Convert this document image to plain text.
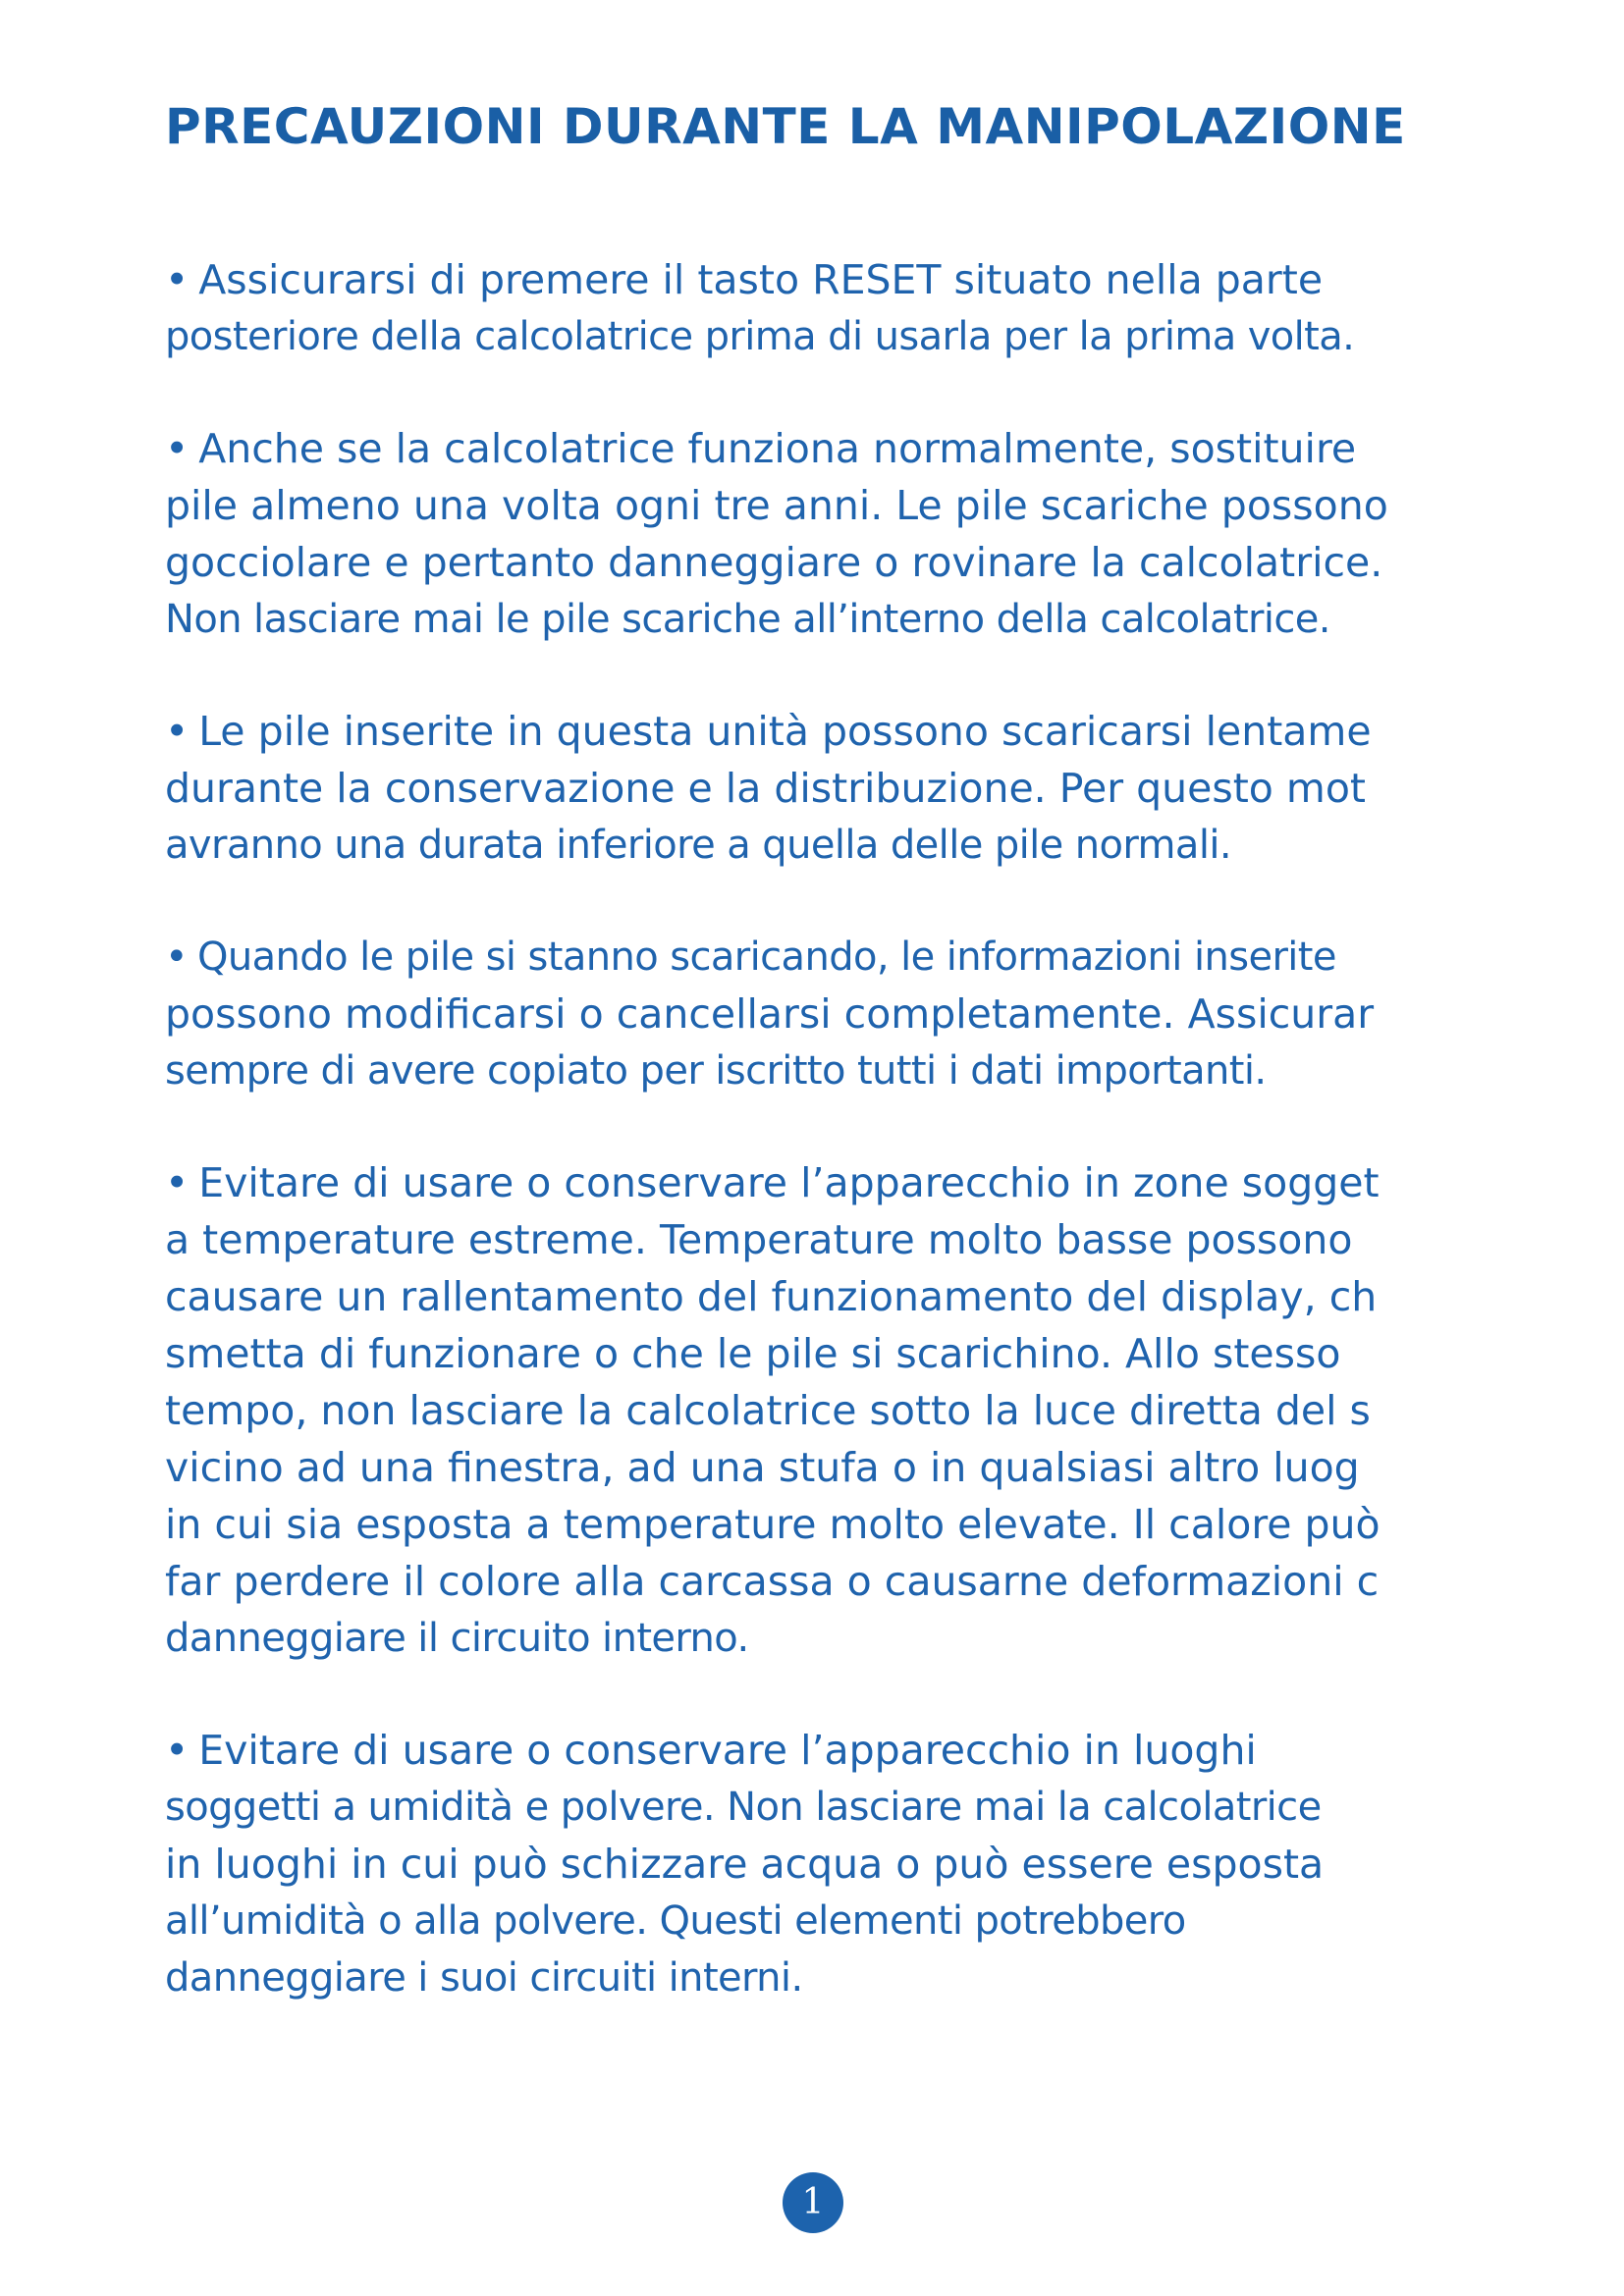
PRECAUZIONI DURANTE LA MANIPOLAZIONE
• Assicurarsi di premere il tasto RESET situato nella parte
posteriore della calcolatrice prima di usarla per la prima volta.
• Anche se la calcolatrice funziona normalmente, sostituire
pile almeno una volta ogni tre anni. Le pile scariche possono
gocciolare e pertanto danneggiare o rovinare la calcolatrice.
Non lasciare mai le pile scariche all’interno della calcolatrice.
• Le pile inserite in questa unità possono scaricarsi lentame
durante la conservazione e la distribuzione. Per questo mot
avranno una durata inferiore a quella delle pile normali.
• Quando le pile si stanno scaricando, le informazioni inserite
possono modificarsi o cancellarsi completamente. Assicurar
sempre di avere copiato per iscritto tutti i dati importanti.
• Evitare di usare o conservare l’apparecchio in zone sogget
a temperature estreme. Temperature molto basse possono
causare un rallentamento del funzionamento del display, ch
smetta di funzionare o che le pile si scarichino. Allo stesso
tempo, non lasciare la calcolatrice sotto la luce diretta del s
vicino ad una finestra, ad una stufa o in qualsiasi altro luog
in cui sia esposta a temperature molto elevate. Il calore può
far perdere il colore alla carcassa o causarne deformazioni c
danneggiare il circuito interno.
• Evitare di usare o conservare l’apparecchio in luoghi
soggetti a umidità e polvere. Non lasciare mai la calcolatrice
in luoghi in cui può schizzare acqua o può essere esposta
all’umidità o alla polvere. Questi elementi potrebbero
danneggiare i suoi circuiti interni.
1
